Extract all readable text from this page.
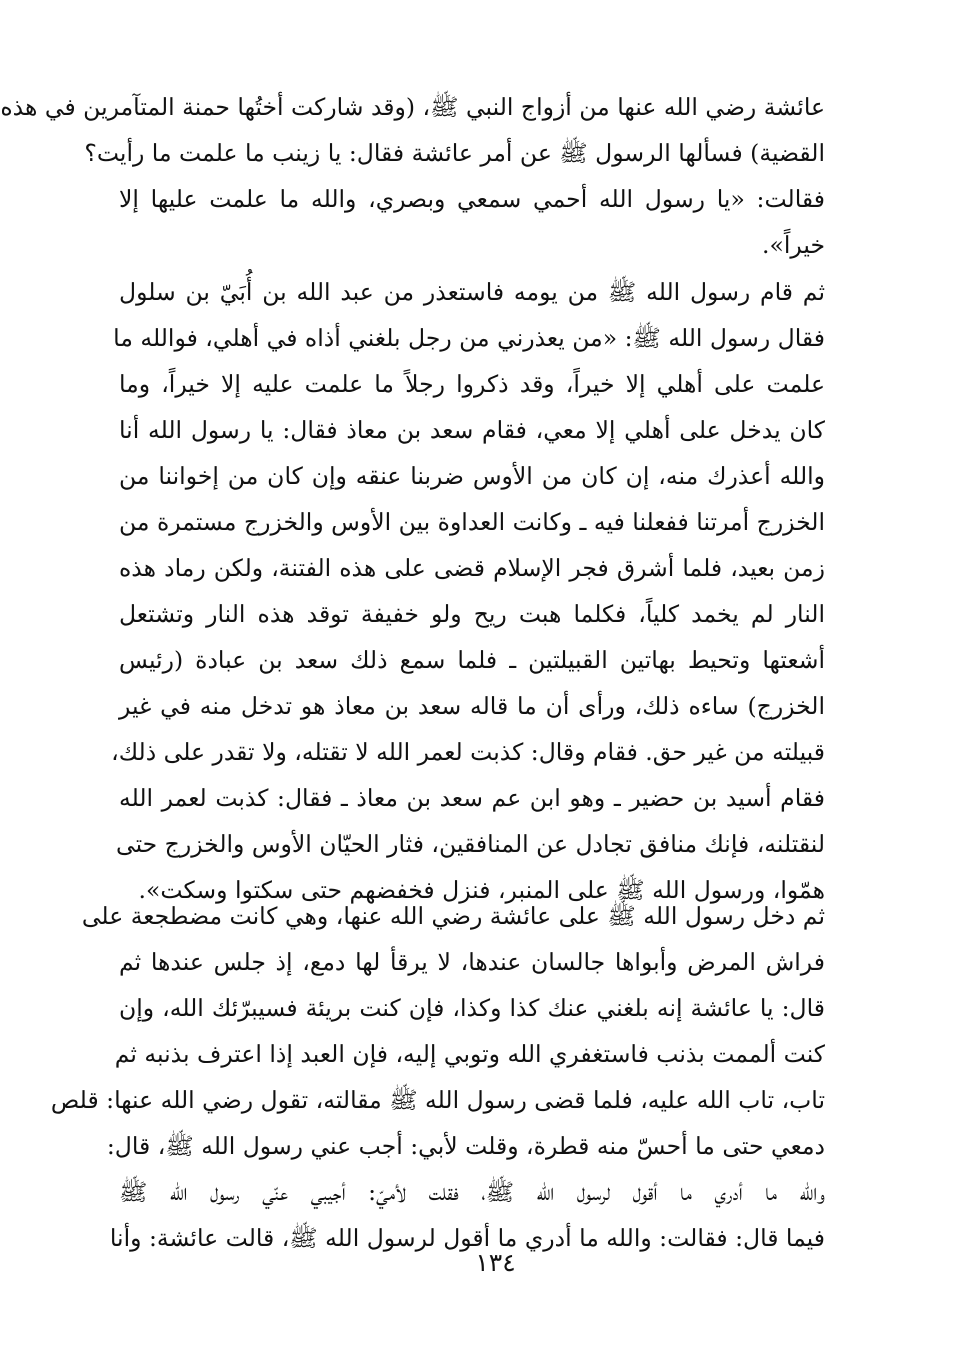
عائشة رضي الله عنها من أزواج النبي ﷺ، (وقد شاركت أختُها حمنة المتآمرين في هذه
القضية) فسألها الرسول ﷺ عن أمر عائشة فقال: يا زينب ما علمت ما رأيت؟
فقالت: «يا رسول الله أحمي سمعي وبصري، والله ما علمت عليها إلا
خيراً».
ثم قام رسول الله ﷺ من يومه فاستعذر من عبد الله بن أُبَيّ بن سلول
فقال رسول الله ﷺ: «من يعذرني من رجل بلغني أذاه في أهلي، فوالله ما
علمت على أهلي إلا خيراً، وقد ذكروا رجلاً ما علمت عليه إلا خيراً، وما
كان يدخل على أهلي إلا معي، فقام سعد بن معاذ فقال: يا رسول الله أنا
والله أعذرك منه، إن كان من الأوس ضربنا عنقه وإن كان من إخواننا من
الخزرج أمرتنا ففعلنا فيه ـ وكانت العداوة بين الأوس والخزرج مستمرة من
زمن بعيد، فلما أشرق فجر الإسلام قضى على هذه الفتنة، ولكن رماد هذه
النار لم يخمد كلياً، فكلما هبت ريح ولو خفيفة توقد هذه النار وتشتعل
أشعتها وتحيط بهاتين القبيلتين ـ فلما سمع ذلك سعد بن عبادة (رئيس
الخزرج) ساءه ذلك، ورأى أن ما قاله سعد بن معاذ هو تدخل منه في غير
قبيلته من غير حق. فقام وقال: كذبت لعمر الله لا تقتله، ولا تقدر على ذلك،
فقام أسيد بن حضير ـ وهو ابن عم سعد بن معاذ ـ فقال: كذبت لعمر الله
لنقتلنه، فإنك منافق تجادل عن المنافقين، فثار الحيّان الأوس والخزرج حتى
همّوا، ورسول الله ﷺ على المنبر، فنزل فخفضهم حتى سكتوا وسكت».
ثم دخل رسول الله ﷺ على عائشة رضي الله عنها، وهي كانت مضطجعة على
فراش المرض وأبواها جالسان عندها، لا يرقأ لها دمع، إذ جلس عندها ثم
قال: يا عائشة إنه بلغني عنك كذا وكذا، فإن كنت بريئة فسيبرّئك الله، وإن
كنت ألممت بذنب فاستغفري الله وتوبي إليه، فإن العبد إذا اعترف بذنبه ثم
تاب، تاب الله عليه، فلما قضى رسول الله ﷺ مقالته، تقول رضي الله عنها: قلص
دمعي حتى ما أحسّ منه قطرة، وقلت لأبي: أجب عني رسول الله ﷺ، قال:
والله ما أدري ما أقول لرسول الله ﷺ، فقلت لأميّ: أجيبي عنّي رسول الله ﷺ
فيما قال: فقالت: والله ما أدري ما أقول لرسول الله ﷺ، قالت عائشة: وأنا
١٣٤
